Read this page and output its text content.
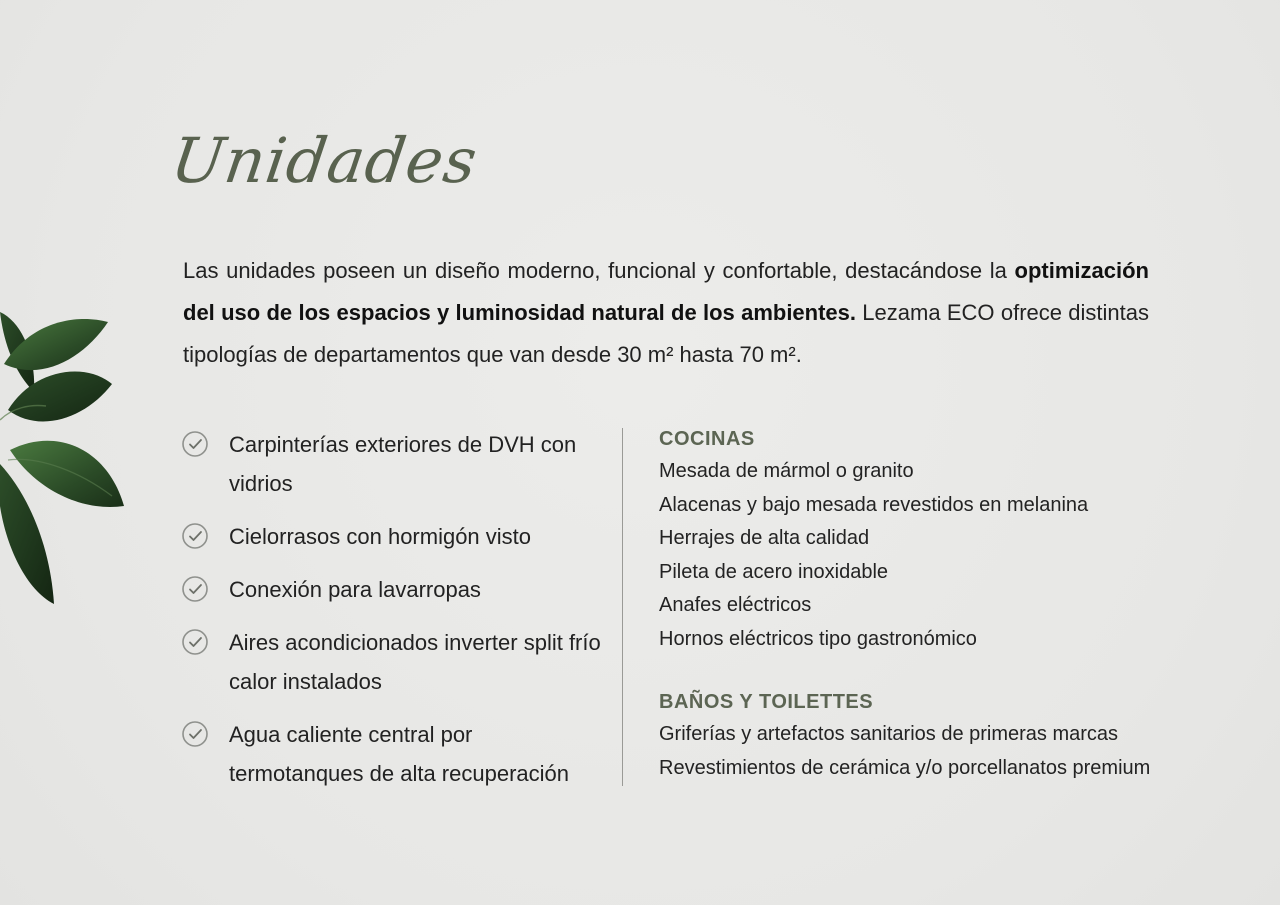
Unidades
Las unidades poseen un diseño moderno, funcional y confortable, destacándose la optimización del uso de los espacios y luminosidad natural de los ambientes. Lezama ECO ofrece distintas tipologías de departamentos que van desde 30 m² hasta 70 m².
Carpinterías exteriores de DVH con vidrios
Cielorrasos con hormigón visto
Conexión para lavarropas
Aires acondicionados inverter split frío calor instalados
Agua caliente central por termotanques de alta recuperación
COCINAS
Mesada de mármol o granito
Alacenas y bajo mesada revestidos en melanina
Herrajes de alta calidad
Pileta de acero inoxidable
Anafes eléctricos
Hornos eléctricos tipo gastronómico
BAÑOS Y TOILETTES
Griferías y artefactos sanitarios de primeras marcas
Revestimientos de cerámica y/o porcellanatos premium
